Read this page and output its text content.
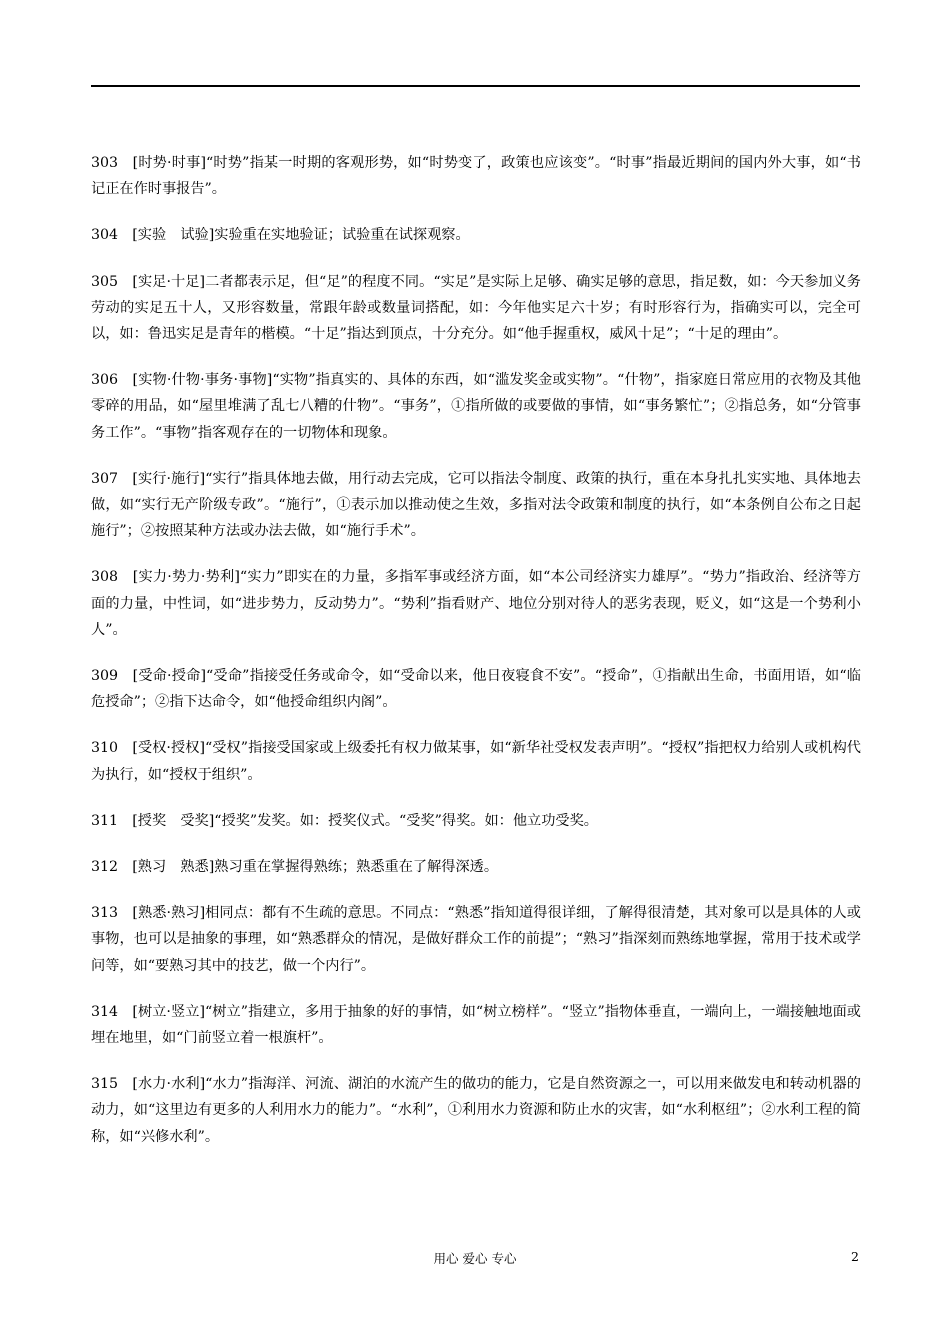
303　[时势·时事]“时势”指某一时期的客观形势，如“时势变了，政策也应该变”。“时事”指最近期间的国内外大事，如“书记正在作时事报告”。

304　[实验　试验]实验重在实地验证；试验重在试探观察。

305　[实足·十足]二者都表示足，但“足”的程度不同。“实足”是实际上足够、确实足够的意思，指足数，如：今天参加义务劳动的实足五十人，又形容数量，常跟年龄或数量词搭配，如：今年他实足六十岁；有时形容行为，指确实可以，完全可以，如：鲁迅实足是青年的楷模。“十足”指达到顶点，十分充分。如“他手握重权，威风十足”；“十足的理由”。

306　[实物·什物·事务·事物]“实物”指真实的、具体的东西，如“滥发奖金或实物”。“什物”，指家庭日常应用的衣物及其他零碎的用品，如“屋里堆满了乱七八糟的什物”。“事务”，①指所做的或要做的事情，如“事务繁忙”；②指总务，如“分管事务工作”。“事物”指客观存在的一切物体和现象。

307　[实行·施行]“实行”指具体地去做，用行动去完成，它可以指法令制度、政策的执行，重在本身扎扎实实地、具体地去做，如“实行无产阶级专政”。“施行”，①表示加以推动使之生效，多指对法令政策和制度的执行，如“本条例自公布之日起施行”；②按照某种方法或办法去做，如“施行手术”。

308　[实力·势力·势利]“实力”即实在的力量，多指军事或经济方面，如“本公司经济实力雄厚”。“势力”指政治、经济等方面的力量，中性词，如“进步势力，反动势力”。“势利”指看财产、地位分别对待人的恶劣表现，贬义，如“这是一个势利小人”。

309　[受命·授命]“受命”指接受任务或命令，如“受命以来，他日夜寝食不安”。“授命”，①指献出生命，书面用语，如“临危授命”；②指下达命令，如“他授命组织内阁”。

310　[受权·授权]“受权”指接受国家或上级委托有权力做某事，如“新华社受权发表声明”。“授权”指把权力给别人或机构代为执行，如“授权于组织”。

311　[授奖　受奖]“授奖”发奖。如：授奖仪式。“受奖”得奖。如：他立功受奖。

312　[熟习　熟悉]熟习重在掌握得熟练；熟悉重在了解得深透。

313　[熟悉·熟习]相同点：都有不生疏的意思。不同点：“熟悉”指知道得很详细，了解得很清楚，其对象可以是具体的人或事物，也可以是抽象的事理，如“熟悉群众的情况，是做好群众工作的前提”；“熟习”指深刻而熟练地掌握，常用于技术或学问等，如“要熟习其中的技艺，做一个内行”。

314　[树立·竖立]“树立”指建立，多用于抽象的好的事情，如“树立榜样”。“竖立”指物体垂直，一端向上，一端接触地面或埋在地里，如“门前竖立着一根旗杆”。

315　[水力·水利]“水力”指海洋、河流、湖泊的水流产生的做功的能力，它是自然资源之一，可以用来做发电和转动机器的动力，如“这里边有更多的人利用水力的能力”。“水利”，①利用水力资源和防止水的灾害，如“水利枢纽”；②水利工程的简称，如“兴修水利”。

用心 爱心 专心	2
